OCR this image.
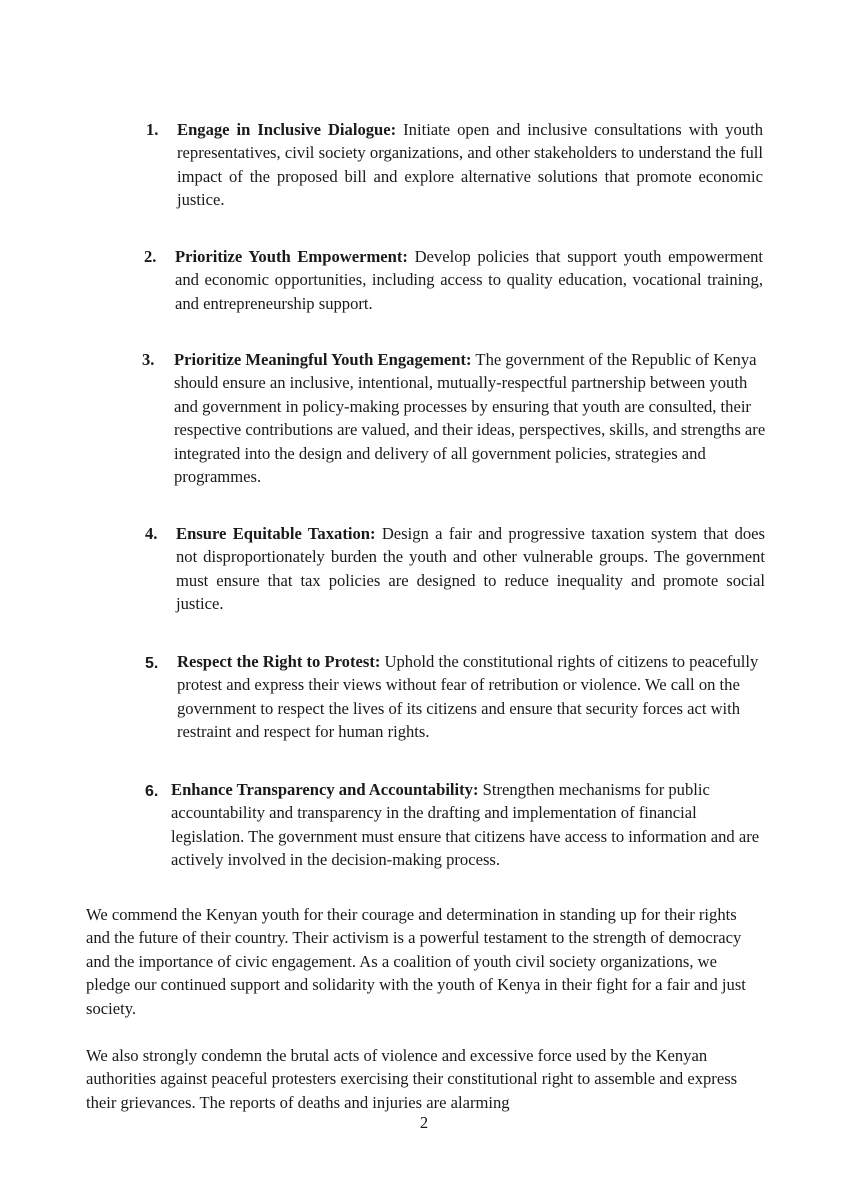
1. Engage in Inclusive Dialogue: Initiate open and inclusive consultations with youth representatives, civil society organizations, and other stakeholders to understand the full impact of the proposed bill and explore alternative solutions that promote economic justice.
2. Prioritize Youth Empowerment: Develop policies that support youth empowerment and economic opportunities, including access to quality education, vocational training, and entrepreneurship support.
3. Prioritize Meaningful Youth Engagement: The government of the Republic of Kenya should ensure an inclusive, intentional, mutually-respectful partnership between youth and government in policy-making processes by ensuring that youth are consulted, their respective contributions are valued, and their ideas, perspectives, skills, and strengths are integrated into the design and delivery of all government policies, strategies and programmes.
4. Ensure Equitable Taxation: Design a fair and progressive taxation system that does not disproportionately burden the youth and other vulnerable groups. The government must ensure that tax policies are designed to reduce inequality and promote social justice.
5. Respect the Right to Protest: Uphold the constitutional rights of citizens to peacefully protest and express their views without fear of retribution or violence. We call on the government to respect the lives of its citizens and ensure that security forces act with restraint and respect for human rights.
6. Enhance Transparency and Accountability: Strengthen mechanisms for public accountability and transparency in the drafting and implementation of financial legislation. The government must ensure that citizens have access to information and are actively involved in the decision-making process.

We commend the Kenyan youth for their courage and determination in standing up for their rights and the future of their country. Their activism is a powerful testament to the strength of democracy and the importance of civic engagement. As a coalition of youth civil society organizations, we pledge our continued support and solidarity with the youth of Kenya in their fight for a fair and just society.

We also strongly condemn the brutal acts of violence and excessive force used by the Kenyan authorities against peaceful protesters exercising their constitutional right to assemble and express their grievances. The reports of deaths and injuries are alarming

2
